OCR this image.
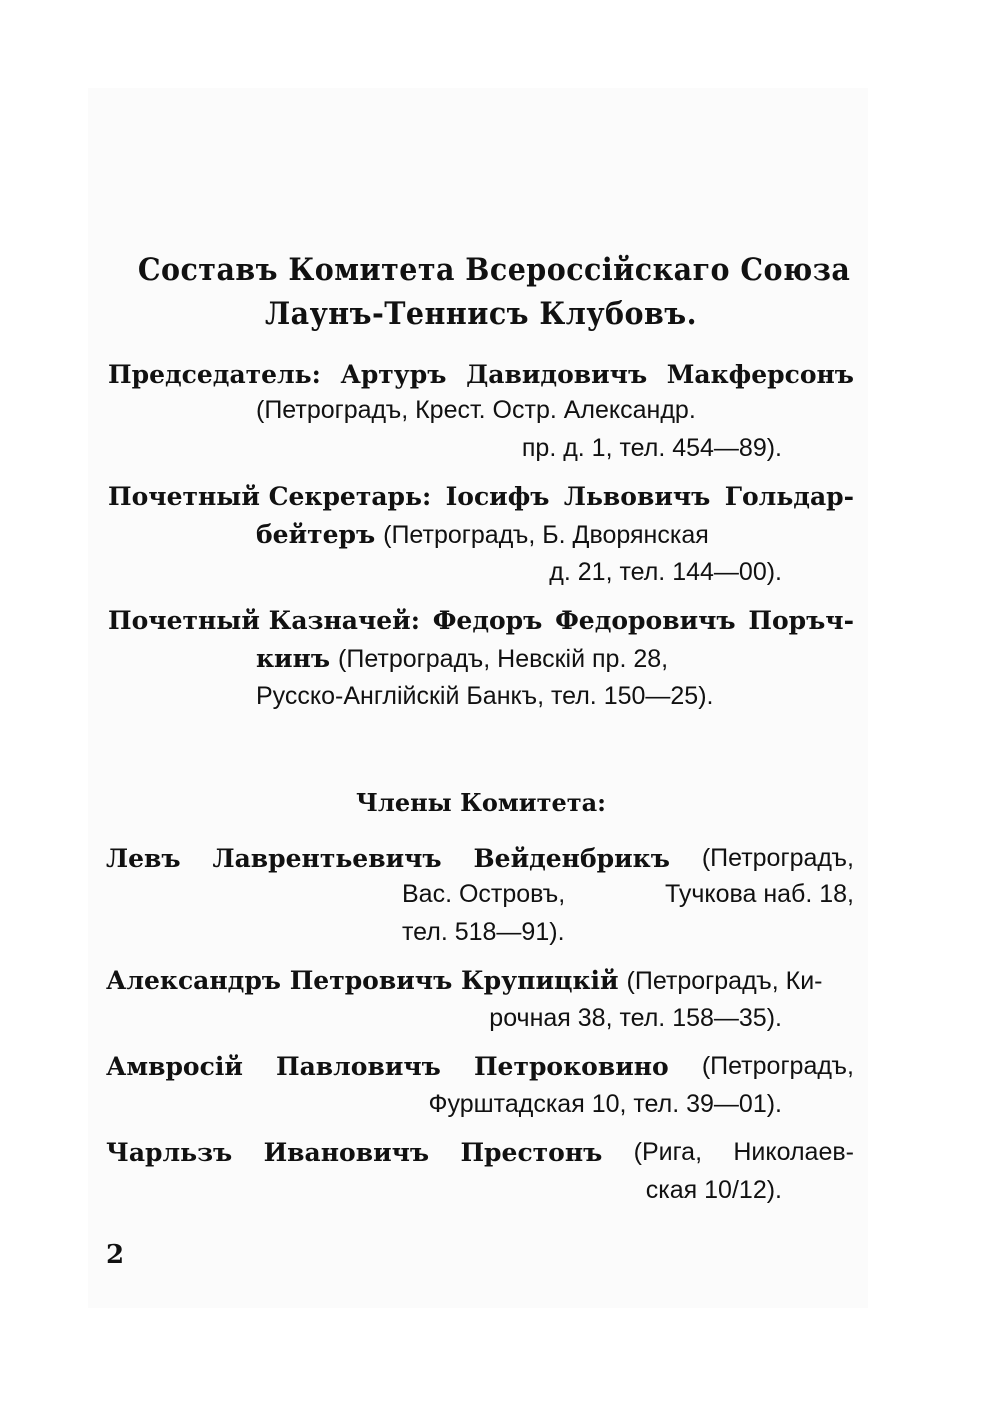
Составъ Комитета Всероссійскаго Союза
Лаунъ-Теннисъ Клубовъ.
Председатель: Артуръ Давидовичъ Макферсонъ
(Петроградъ, Крест. Остр. Александр.
пр. д. 1, тел. 454—89).
Почетный Секретарь: Іосифъ Львовичъ Гольдар-
бейтеръ (Петроградъ, Б. Дворянская
д. 21, тел. 144—00).
Почетный Казначей: Федоръ Федоровичъ Поръч-
кинъ (Петроградъ, Невскій пр. 28,
Русско-Англійскій Банкъ, тел. 150—25).
Члены Комитета:
Левъ Лаврентьевичъ Вейденбрикъ (Петроградъ,
Вас. Островъ,	Тучкова наб. 18,
тел. 518—91).
Александръ Петровичъ Крупицкій (Петроградъ, Ки-
рочная 38, тел. 158—35).
Амвросій Павловичъ Петроковино (Петроградъ,
Фурштадская 10, тел. 39—01).
Чарльзъ Ивановичъ Престонъ (Рига, Николаев-
ская 10/12).
2
